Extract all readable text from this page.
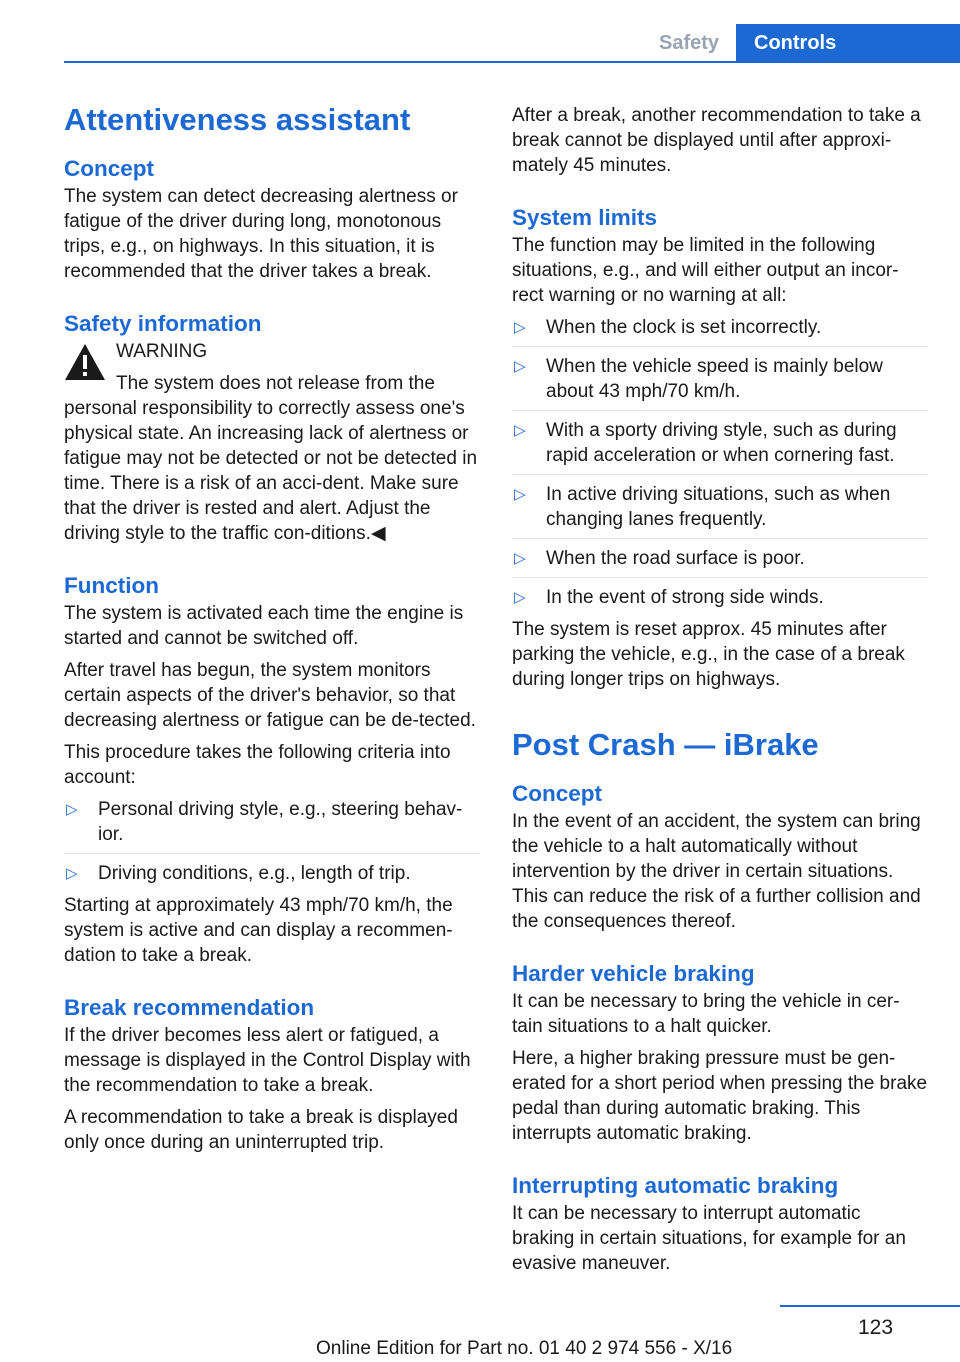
Safety Controls
Attentiveness assistant
Concept

The system can detect decreasing alertness or fatigue of the driver during long, monotonous trips, e.g., on highways. In this situation, it is recommended that the driver takes a break.

Safety information

WARNING

The system does not release from the

personal responsibility to correctly assess one's physical state. An increasing lack of alertness or fatigue may not be detected or not be detected in time. There is a risk of an acci‐dent. Make sure that the driver is rested and alert. Adjust the driving style to the traffic con‐ditions.◀

Function

The system is activated each time the engine is started and cannot be switched off.

After travel has begun, the system monitors certain aspects of the driver's behavior, so that decreasing alertness or fatigue can be de‐tected.

This procedure takes the following criteria into account:

▷ Personal driving style, e.g., steering behav‐ior.
▷ Driving conditions, e.g., length of trip.

Starting at approximately 43 mph/70 km/h, the system is active and can display a recommen‐dation to take a break.

Break recommendation

If the driver becomes less alert or fatigued, a message is displayed in the Control Display with the recommendation to take a break.

A recommendation to take a break is displayed only once during an uninterrupted trip.

After a break, another recommendation to take a break cannot be displayed until after approxi‐mately 45 minutes.

System limits

The function may be limited in the following situations, e.g., and will either output an incor‐rect warning or no warning at all:

▷ When the clock is set incorrectly.
▷ When the vehicle speed is mainly below about 43 mph/70 km/h.
▷ With a sporty driving style, such as during rapid acceleration or when cornering fast.
▷ In active driving situations, such as when changing lanes frequently.
▷ When the road surface is poor.
▷ In the event of strong side winds.

The system is reset approx. 45 minutes after parking the vehicle, e.g., in the case of a break during longer trips on highways.

Post Crash — iBrake
Concept

In the event of an accident, the system can bring the vehicle to a halt automatically without intervention by the driver in certain situations. This can reduce the risk of a further collision and the consequences thereof.

Harder vehicle braking

It can be necessary to bring the vehicle in cer‐tain situations to a halt quicker.

Here, a higher braking pressure must be gen‐erated for a short period when pressing the brake pedal than during automatic braking. This interrupts automatic braking.

Interrupting automatic braking

It can be necessary to interrupt automatic braking in certain situations, for example for an evasive maneuver.

123
Online Edition for Part no. 01 40 2 974 556 - X/16
